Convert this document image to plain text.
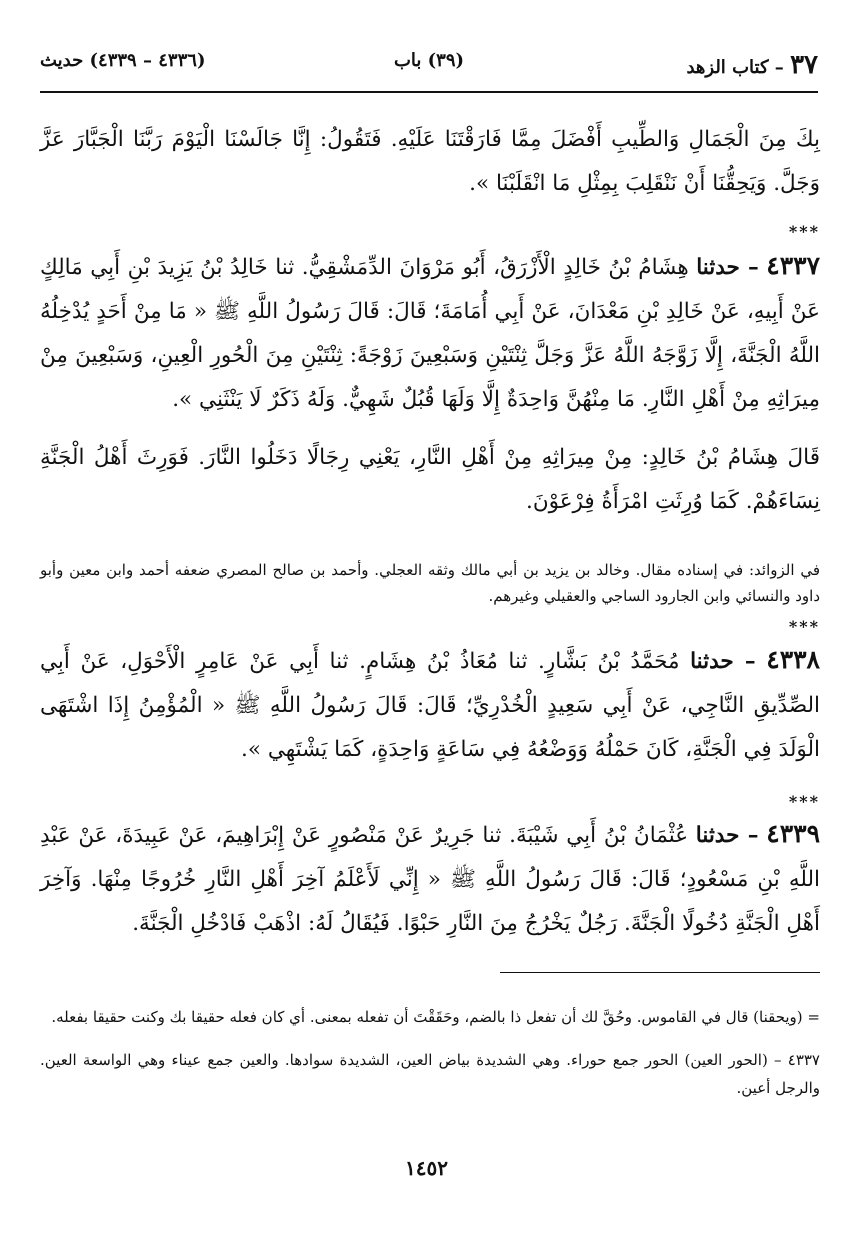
٣٧ – كتاب الزهد
(٣٩) باب
(٤٣٣٦ – ٤٣٣٩) حديث

بِكَ مِنَ الْجَمَالِ وَالطِّيبِ أَفْضَلَ مِمَّا فَارَقْتَنَا عَلَيْهِ. فَتَقُولُ: إِنَّا جَالَسْنَا الْيَوْمَ رَبَّنَا الْجَبَّارَ عَزَّ وَجَلَّ. وَيَحِقُّنَا أَنْ نَنْقَلِبَ بِمِثْلِ مَا انْقَلَبْنَا ».

***

٤٣٣٧ – حدثنا هِشَامُ بْنُ خَالِدٍ الْأَزْرَقُ، أَبُو مَرْوَانَ الدِّمَشْقِيُّ. ثنا خَالِدُ بْنُ يَزِيدَ بْنِ أَبِي مَالِكٍ عَنْ أَبِيهِ، عَنْ خَالِدِ بْنِ مَعْدَانَ، عَنْ أَبِي أُمَامَةَ؛ قَالَ: قَالَ رَسُولُ اللَّهِ ﷺ « مَا مِنْ أَحَدٍ يُدْخِلُهُ اللَّهُ الْجَنَّةَ، إِلَّا زَوَّجَهُ اللَّهُ عَزَّ وَجَلَّ ثِنْتَيْنِ وَسَبْعِينَ زَوْجَةً: ثِنْتَيْنِ مِنَ الْحُورِ الْعِينِ، وَسَبْعِينَ مِنْ مِيرَاثِهِ مِنْ أَهْلِ النَّارِ. مَا مِنْهُنَّ وَاحِدَةٌ إِلَّا وَلَهَا قُبُلٌ شَهِيٌّ. وَلَهُ ذَكَرٌ لَا يَنْثَنِي ».

قَالَ هِشَامُ بْنُ خَالِدٍ: مِنْ مِيرَاثِهِ مِنْ أَهْلِ النَّارِ، يَعْنِي رِجَالًا دَخَلُوا النَّارَ. فَوَرِثَ أَهْلُ الْجَنَّةِ نِسَاءَهُمْ. كَمَا وُرِثَتِ امْرَأَةُ فِرْعَوْنَ.

في الزوائد: في إسناده مقال. وخالد بن يزيد بن أبي مالك وثقه العجلي. وأحمد بن صالح المصري ضعفه أحمد وابن معين وأبو داود والنسائي وابن الجارود الساجي والعقيلي وغيرهم.

***

٤٣٣٨ – حدثنا مُحَمَّدُ بْنُ بَشَّارٍ. ثنا مُعَاذُ بْنُ هِشَامٍ. ثنا أَبِي عَنْ عَامِرٍ الْأَحْوَلِ، عَنْ أَبِي الصِّدِّيقِ النَّاجِي، عَنْ أَبِي سَعِيدٍ الْخُدْرِيِّ؛ قَالَ: قَالَ رَسُولُ اللَّهِ ﷺ « الْمُؤْمِنُ إِذَا اشْتَهَى الْوَلَدَ فِي الْجَنَّةِ، كَانَ حَمْلُهُ وَوَضْعُهُ فِي سَاعَةٍ وَاحِدَةٍ، كَمَا يَشْتَهِي ».

***

٤٣٣٩ – حدثنا عُثْمَانُ بْنُ أَبِي شَيْبَةَ. ثنا جَرِيرٌ عَنْ مَنْصُورٍ عَنْ إِبْرَاهِيمَ، عَنْ عَبِيدَةَ، عَنْ عَبْدِ اللَّهِ بْنِ مَسْعُودٍ؛ قَالَ: قَالَ رَسُولُ اللَّهِ ﷺ « إِنِّي لَأَعْلَمُ آخِرَ أَهْلِ النَّارِ خُرُوجًا مِنْهَا. وَآخِرَ أَهْلِ الْجَنَّةِ دُخُولًا الْجَنَّةَ. رَجُلٌ يَخْرُجُ مِنَ النَّارِ حَبْوًا. فَيُقَالُ لَهُ: اذْهَبْ فَادْخُلِ الْجَنَّةَ.

= (ويحقنا) قال في القاموس. وحُقَّ لك أن تفعل ذا بالضم، وحَقَقْتَ أن تفعله بمعنى. أي كان فعله حقيقا بك وكنت حقيقا بفعله.

٤٣٣٧ – (الحور العين) الحور جمع حوراء. وهي الشديدة بياض العين، الشديدة سوادها. والعين جمع عيناء وهي الواسعة العين. والرجل أعين.

١٤٥٢
